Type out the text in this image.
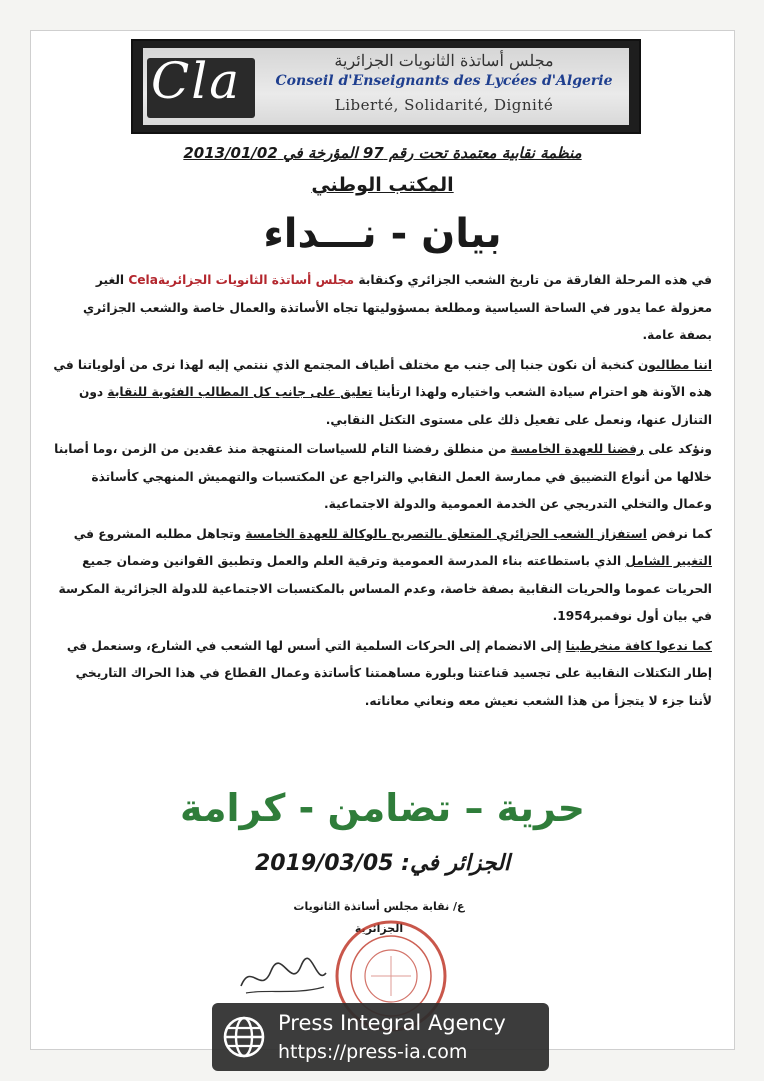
Cla	مجلس أساتذة الثانويات الجزائرية
Conseil d'Enseignants des Lycées d'Algerie
Liberté, Solidarité, Dignité
منظمة نقابية معتمدة تحت رقم 97 المؤرخة في 2013/01/02
المكتب الوطني
بيان - نـــداء

في هذه المرحلة الفارقة من تاريخ الشعب الجزائري وكنقابة مجلس أساتذة الثانويات الجزائريةCela الغير معزولة عما يدور في الساحة السياسية ومطلعة بمسؤوليتها تجاه الأساتذة والعمال خاصة والشعب الجزائري بصفة عامة.

اننا مطالبون كنخبة أن نكون جنبا إلى جنب مع مختلف أطياف المجتمع الذي ننتمي إليه لهذا نرى من أولوياتنا في هذه الآونة هو احترام سيادة الشعب واختياره ولهذا ارتأينا تعليق على جانب كل المطالب الفئوية للنقابة دون التنازل عنها، ونعمل على تفعيل ذلك على مستوى التكتل النقابي.

ونؤكد على رفضنا للعهدة الخامسة من منطلق رفضنا التام للسياسات المنتهجة منذ عقدين من الزمن ،وما أصابنا خلالها من أنواع التضييق في ممارسة العمل النقابي والتراجع عن المكتسبات والتهميش المنهجي كأساتذة وعمال والتخلي التدريجي عن الخدمة العمومية والدولة الاجتماعية.

كما نرفض استفزاز الشعب الجزائري المتعلق بالتصريح بالوكالة للعهدة الخامسة وتجاهل مطلبه المشروع في التغيير الشامل الذي باستطاعته بناء المدرسة العمومية وترقية العلم والعمل وتطبيق القوانين وضمان جميع الحريات عموما والحريات النقابية بصفة خاصة، وعدم المساس بالمكتسبات الاجتماعية للدولة الجزائرية المكرسة في بيان أول نوفمبر1954.

كما ندعوا كافة منخرطينا إلى الانضمام إلى الحركات السلمية التي أسس لها الشعب في الشارع، وسنعمل في إطار التكتلات النقابية على تجسيد قناعتنا وبلورة مساهمتنا كأساتذة وعمال القطاع في هذا الحراك التاريخي لأننا جزء لا يتجزأ من هذا الشعب نعيش معه ونعاني معاناته.

حرية – تضامن - كرامة
الجزائر في: 2019/03/05
ع/ نقابة مجلس أساتذة الثانويات
الجزائرية
Press Integral Agency
https://press-ia.com
